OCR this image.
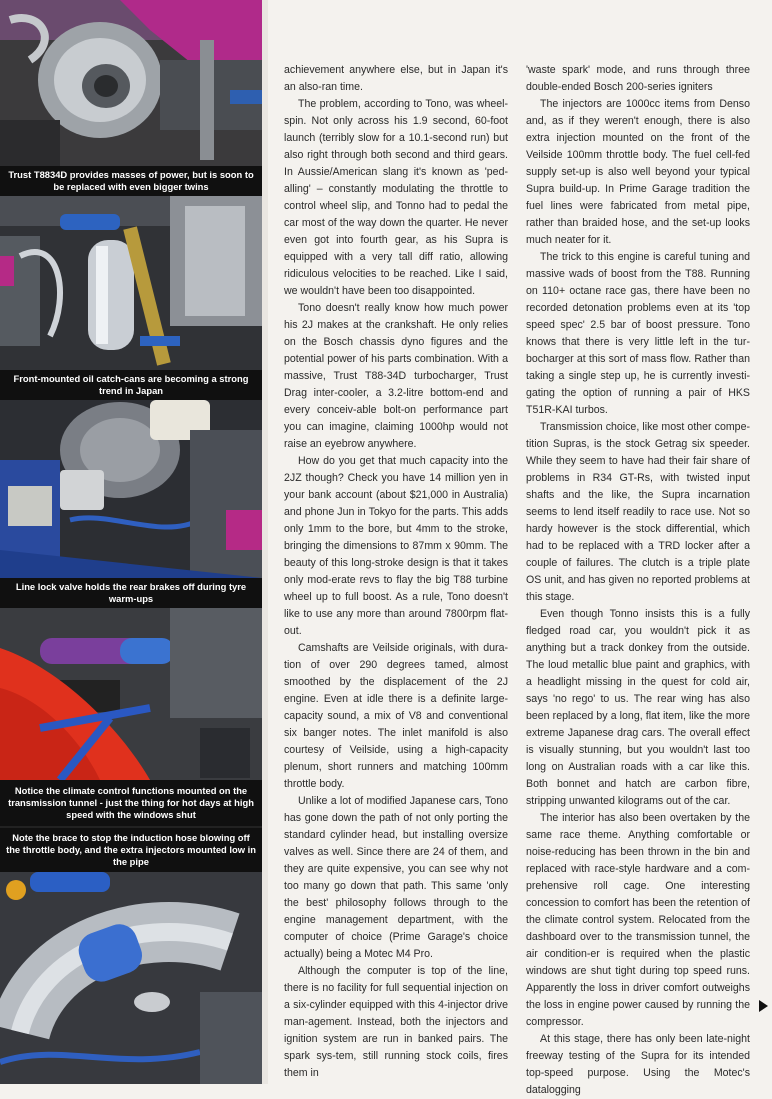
Trust T8834D provides masses of power, but is soon to be replaced with even bigger twins
Front-mounted oil catch-cans are becoming a strong trend in Japan
Line lock valve holds the rear brakes off during tyre warm-ups
Notice the climate control functions mounted on the transmission tunnel - just the thing for hot days at high speed with the windows shut
Note the brace to stop the induction hose blowing off the throttle body, and the extra injectors mounted low in the pipe

achievement anywhere else, but in Japan it's an also-ran time.

The problem, according to Tono, was wheel-spin. Not only across his 1.9 second, 60-foot launch (terribly slow for a 10.1-second run) but also right through both second and third gears. In Aussie/American slang it's known as 'ped-alling' – constantly modulating the throttle to control wheel slip, and Tonno had to pedal the car most of the way down the quarter. He never even got into fourth gear, as his Supra is equipped with a very tall diff ratio, allowing ridiculous velocities to be reached. Like I said, we wouldn't have been too disappointed.

Tono doesn't really know how much power his 2J makes at the crankshaft. He only relies on the Bosch chassis dyno figures and the potential power of his parts combination. With a massive, Trust T88-34D turbocharger, Trust Drag inter-cooler, a 3.2-litre bottom-end and every conceiv-able bolt-on performance part you can imagine, claiming 1000hp would not raise an eyebrow anywhere.

How do you get that much capacity into the 2JZ though? Check you have 14 million yen in your bank account (about $21,000 in Australia) and phone Jun in Tokyo for the parts. This adds only 1mm to the bore, but 4mm to the stroke, bringing the dimensions to 87mm x 90mm. The beauty of this long-stroke design is that it takes only mod-erate revs to flay the big T88 turbine wheel up to full boost. As a rule, Tono doesn't like to use any more than around 7800rpm flat-out.

Camshafts are Veilside originals, with dura-tion of over 290 degrees tamed, almost smoothed by the displacement of the 2J engine. Even at idle there is a definite large-capacity sound, a mix of V8 and conventional six banger notes. The inlet manifold is also courtesy of Veilside, using a high-capacity plenum, short runners and matching 100mm throttle body.

Unlike a lot of modified Japanese cars, Tono has gone down the path of not only porting the standard cylinder head, but installing oversize valves as well. Since there are 24 of them, and they are quite expensive, you can see why not too many go down that path. This same 'only the best' philosophy follows through to the engine management department, with the computer of choice (Prime Garage's choice actually) being a Motec M4 Pro.

Although the computer is top of the line, there is no facility for full sequential injection on a six-cylinder equipped with this 4-injector drive man-agement. Instead, both the injectors and ignition system are run in banked pairs. The spark sys-tem, still running stock coils, fires them in

'waste spark' mode, and runs through three double-ended Bosch 200-series igniters

The injectors are 1000cc items from Denso and, as if they weren't enough, there is also extra injection mounted on the front of the Veilside 100mm throttle body. The fuel cell-fed supply set-up is also well beyond your typical Supra build-up. In Prime Garage tradition the fuel lines were fabricated from metal pipe, rather than braided hose, and the set-up looks much neater for it.

The trick to this engine is careful tuning and massive wads of boost from the T88. Running on 110+ octane race gas, there have been no recorded detonation problems even at its 'top speed spec' 2.5 bar of boost pressure. Tono knows that there is very little left in the tur-bocharger at this sort of mass flow. Rather than taking a single step up, he is currently investi-gating the option of running a pair of HKS T51R-KAI turbos.

Transmission choice, like most other compe-tition Supras, is the stock Getrag six speeder. While they seem to have had their fair share of problems in R34 GT-Rs, with twisted input shafts and the like, the Supra incarnation seems to lend itself readily to race use. Not so hardy however is the stock differential, which had to be replaced with a TRD locker after a couple of failures. The clutch is a triple plate OS unit, and has given no reported problems at this stage.

Even though Tonno insists this is a fully fledged road car, you wouldn't pick it as anything but a track donkey from the outside. The loud metallic blue paint and graphics, with a headlight missing in the quest for cold air, says 'no rego' to us. The rear wing has also been replaced by a long, flat item, like the more extreme Japanese drag cars. The overall effect is visually stunning, but you wouldn't last too long on Australian roads with a car like this. Both bonnet and hatch are carbon fibre, stripping unwanted kilograms out of the car.

The interior has also been overtaken by the same race theme. Anything comfortable or noise-reducing has been thrown in the bin and replaced with race-style hardware and a com-prehensive roll cage. One interesting concession to comfort has been the retention of the climate control system. Relocated from the dashboard over to the transmission tunnel, the air condition-er is required when the plastic windows are shut tight during top speed runs. Apparently the loss in driver comfort outweighs the loss in engine power caused by running the compressor.

At this stage, there has only been late-night freeway testing of the Supra for its intended top-speed purpose. Using the Motec's datalogging
